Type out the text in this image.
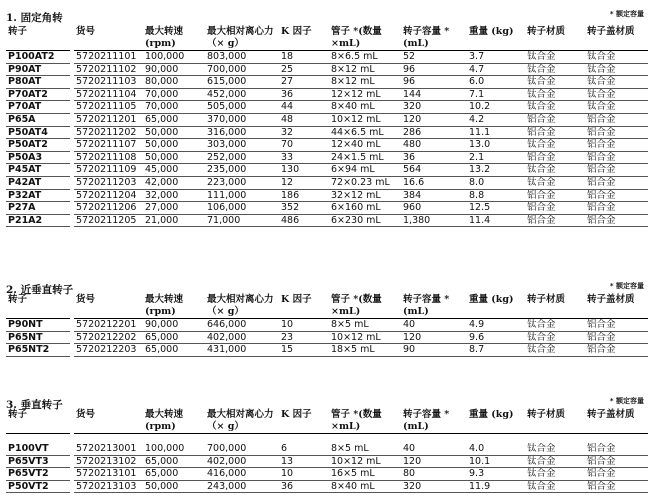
1. 固定角转	* 额定容量
转子		货号	最大转速 (rpm)	最大相对离心力（× g）	K 因子	管子 *(数量 ×mL)	转子容量 * (mL)	重量 (kg)	转子材质	转子盖材质
P100AT2		5720211101	100,000	803,000	18	8×6.5 mL	52	3.7	钛合金	钛合金
P90AT		5720211102	90,000	700,000	25	8×12 mL	96	4.7	钛合金	钛合金
P80AT		5720211103	80,000	615,000	27	8×12 mL	96	6.0	钛合金	钛合金
P70AT2		5720211104	70,000	452,000	36	12×12 mL	144	7.1	钛合金	钛合金
P70AT		5720211105	70,000	505,000	44	8×40 mL	320	10.2	钛合金	钛合金
P65A		5720211201	65,000	370,000	48	10×12 mL	120	4.2	铝合金	铝合金
P50AT4		5720211202	50,000	316,000	32	44×6.5 mL	286	11.1	铝合金	铝合金
P50AT2		5720211107	50,000	303,000	70	12×40 mL	480	13.0	钛合金	铝合金
P50A3		5720211108	50,000	252,000	33	24×1.5 mL	36	2.1	铝合金	铝合金
P45AT		5720211109	45,000	235,000	130	6×94 mL	564	13.2	钛合金	铝合金
P42AT		5720211203	42,000	223,000	12	72×0.23 mL	16.6	8.0	钛合金	铝合金
P32AT		5720211204	32,000	111,000	186	32×12 mL	384	8.8	铝合金	铝合金
P27A		5720211206	27,000	106,000	352	6×160 mL	960	12.5	铝合金	铝合金
P21A2		5720211205	21,000	71,000	486	6×230 mL	1,380	11.4	铝合金	铝合金
2. 近垂直转子	* 额定容量
转子		货号	最大转速 (rpm)	最大相对离心力（× g）	K 因子	管子 *(数量 ×mL)	转子容量 * (mL)	重量 (kg)	转子材质	转子盖材质
P90NT		5720212201	90,000	646,000	10	8×5 mL	40	4.9	钛合金	铝合金
P65NT		5720212202	65,000	402,000	23	10×12 mL	120	9.6	钛合金	铝合金
P65NT2		5720212203	65,000	431,000	15	18×5 mL	90	8.7	钛合金	铝合金
3. 垂直转子	* 额定容量
转子		货号	最大转速 (rpm)	最大相对离心力（× g）	K 因子	管子 *(数量 ×mL)	转子容量 * (mL)	重量 (kg)	转子材质	转子盖材质

P100VT		5720213001	100,000	700,000	6	8×5 mL	40	4.0	钛合金	铝合金
P65VT3		5720213102	65,000	402,000	13	10×12 mL	120	10.1	钛合金	铝合金
P65VT2		5720213101	65,000	416,000	10	16×5 mL	80	9.3	钛合金	铝合金
P50VT2		5720213103	50,000	243,000	36	8×40 mL	320	11.9	钛合金	铝合金
